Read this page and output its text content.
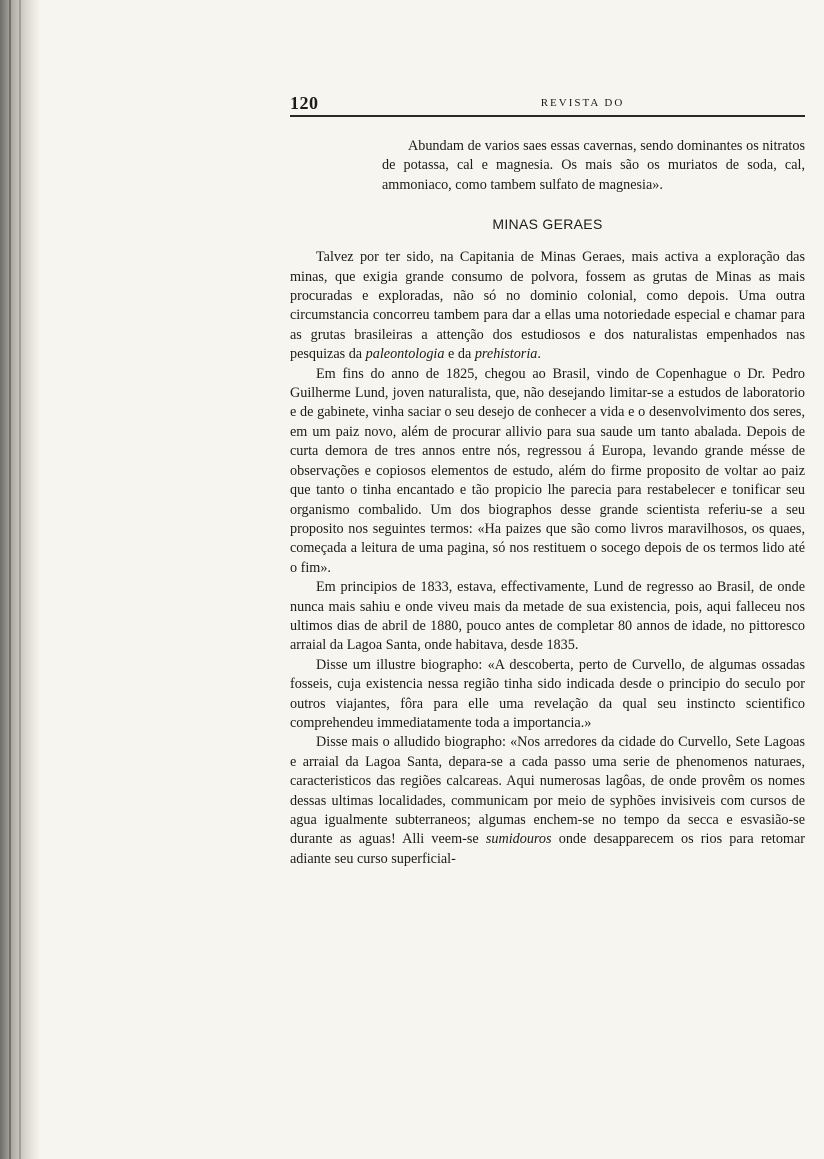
120	REVISTA DO

Abundam de varios saes essas cavernas, sendo dominantes os nitratos de potassa, cal e magnesia. Os mais são os muriatos de soda, cal, ammoniaco, como tambem sulfato de magnesia».

MINAS GERAES

Talvez por ter sido, na Capitania de Minas Geraes, mais activa a exploração das minas, que exigia grande consumo de polvora, fossem as grutas de Minas as mais procuradas e exploradas, não só no dominio colonial, como depois. Uma outra circumstancia concorreu tambem para dar a ellas uma notoriedade especial e chamar para as grutas brasileiras a attenção dos estudiosos e dos naturalistas empenhados nas pesquizas da paleontologia e da prehistoria.

Em fins do anno de 1825, chegou ao Brasil, vindo de Copenhague o Dr. Pedro Guilherme Lund, joven naturalista, que, não desejando limitar-se a estudos de laboratorio e de gabinete, vinha saciar o seu desejo de conhecer a vida e o desenvolvimento dos seres, em um paiz novo, além de procurar allivio para sua saude um tanto abalada. Depois de curta demora de tres annos entre nós, regressou á Europa, levando grande mésse de observações e copiosos elementos de estudo, além do firme proposito de voltar ao paiz que tanto o tinha encantado e tão propicio lhe parecia para restabelecer e tonificar seu organismo combalido. Um dos biographos desse grande scientista referiu-se a seu proposito nos seguintes termos: «Ha paizes que são como livros maravilhosos, os quaes, começada a leitura de uma pagina, só nos restituem o socego depois de os termos lido até o fim».

Em principios de 1833, estava, effectivamente, Lund de regresso ao Brasil, de onde nunca mais sahiu e onde viveu mais da metade de sua existencia, pois, aqui falleceu nos ultimos dias de abril de 1880, pouco antes de completar 80 annos de idade, no pittoresco arraial da Lagoa Santa, onde habitava, desde 1835.

Disse um illustre biographo: «A descoberta, perto de Curvello, de algumas ossadas fosseis, cuja existencia nessa região tinha sido indicada desde o principio do seculo por outros viajantes, fôra para elle uma revelação da qual seu instincto scientifico comprehendeu immediatamente toda a importancia.»

Disse mais o alludido biographo: «Nos arredores da cidade do Curvello, Sete Lagoas e arraial da Lagoa Santa, depara-se a cada passo uma serie de phenomenos naturaes, caracteristicos das regiões calcareas. Aqui numerosas lagôas, de onde provêm os nomes dessas ultimas localidades, communicam por meio de syphões invisiveis com cursos de agua igualmente subterraneos; algumas enchem-se no tempo da secca e esvasião-se durante as aguas! Alli veem-se sumidouros onde desapparecem os rios para retomar adiante seu curso superficial-
